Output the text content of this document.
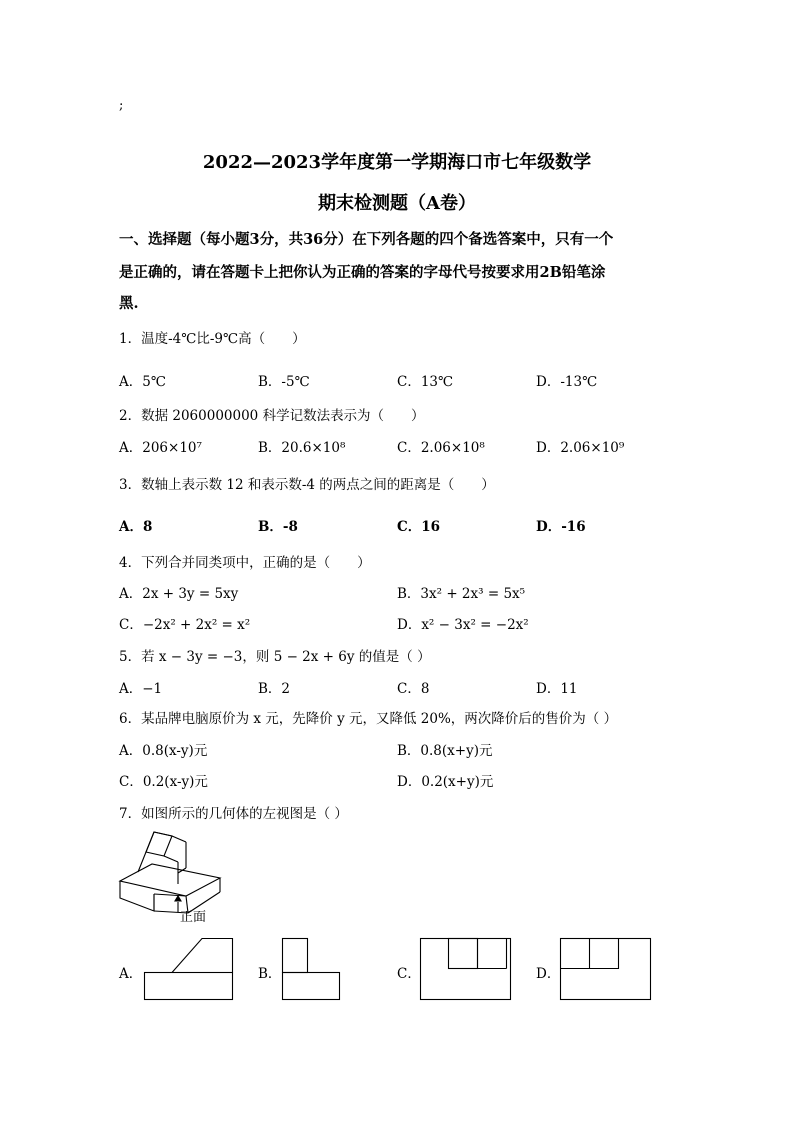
;
2022—2023学年度第一学期海口市七年级数学
期末检测题（A卷）
一、选择题（每小题3分，共36分）在下列各题的四个备选答案中，只有一个
是正确的，请在答题卡上把你认为正确的答案的字母代号按要求用2B铅笔涂
黑.
1．温度-4℃比-9℃高（　　）
A．5℃	B．-5℃	C．13℃	D．-13℃
2．数据 2060000000 科学记数法表示为（　　）
A．206×10⁷	B．20.6×10⁸	C．2.06×10⁸	D．2.06×10⁹
3．数轴上表示数 12 和表示数-4 的两点之间的距离是（　　）
A．8	B．-8	C．16	D．-16
4．下列合并同类项中，正确的是（　　）
A．2x + 3y = 5xy	B．3x² + 2x³ = 5x⁵
C．−2x² + 2x² = x²	D．x² − 3x² = −2x²
5．若 x − 3y = −3，则 5 − 2x + 6y 的值是（ ）
A．−1	B．2	C．8	D．11
6．某品牌电脑原价为 x 元，先降价 y 元，又降低 20%，两次降价后的售价为（ ）
A．0.8(x-y)元	B．0.8(x+y)元
C．0.2(x-y)元	D．0.2(x+y)元
7．如图所示的几何体的左视图是（ ）
正面
A．	B．	C．	D．
